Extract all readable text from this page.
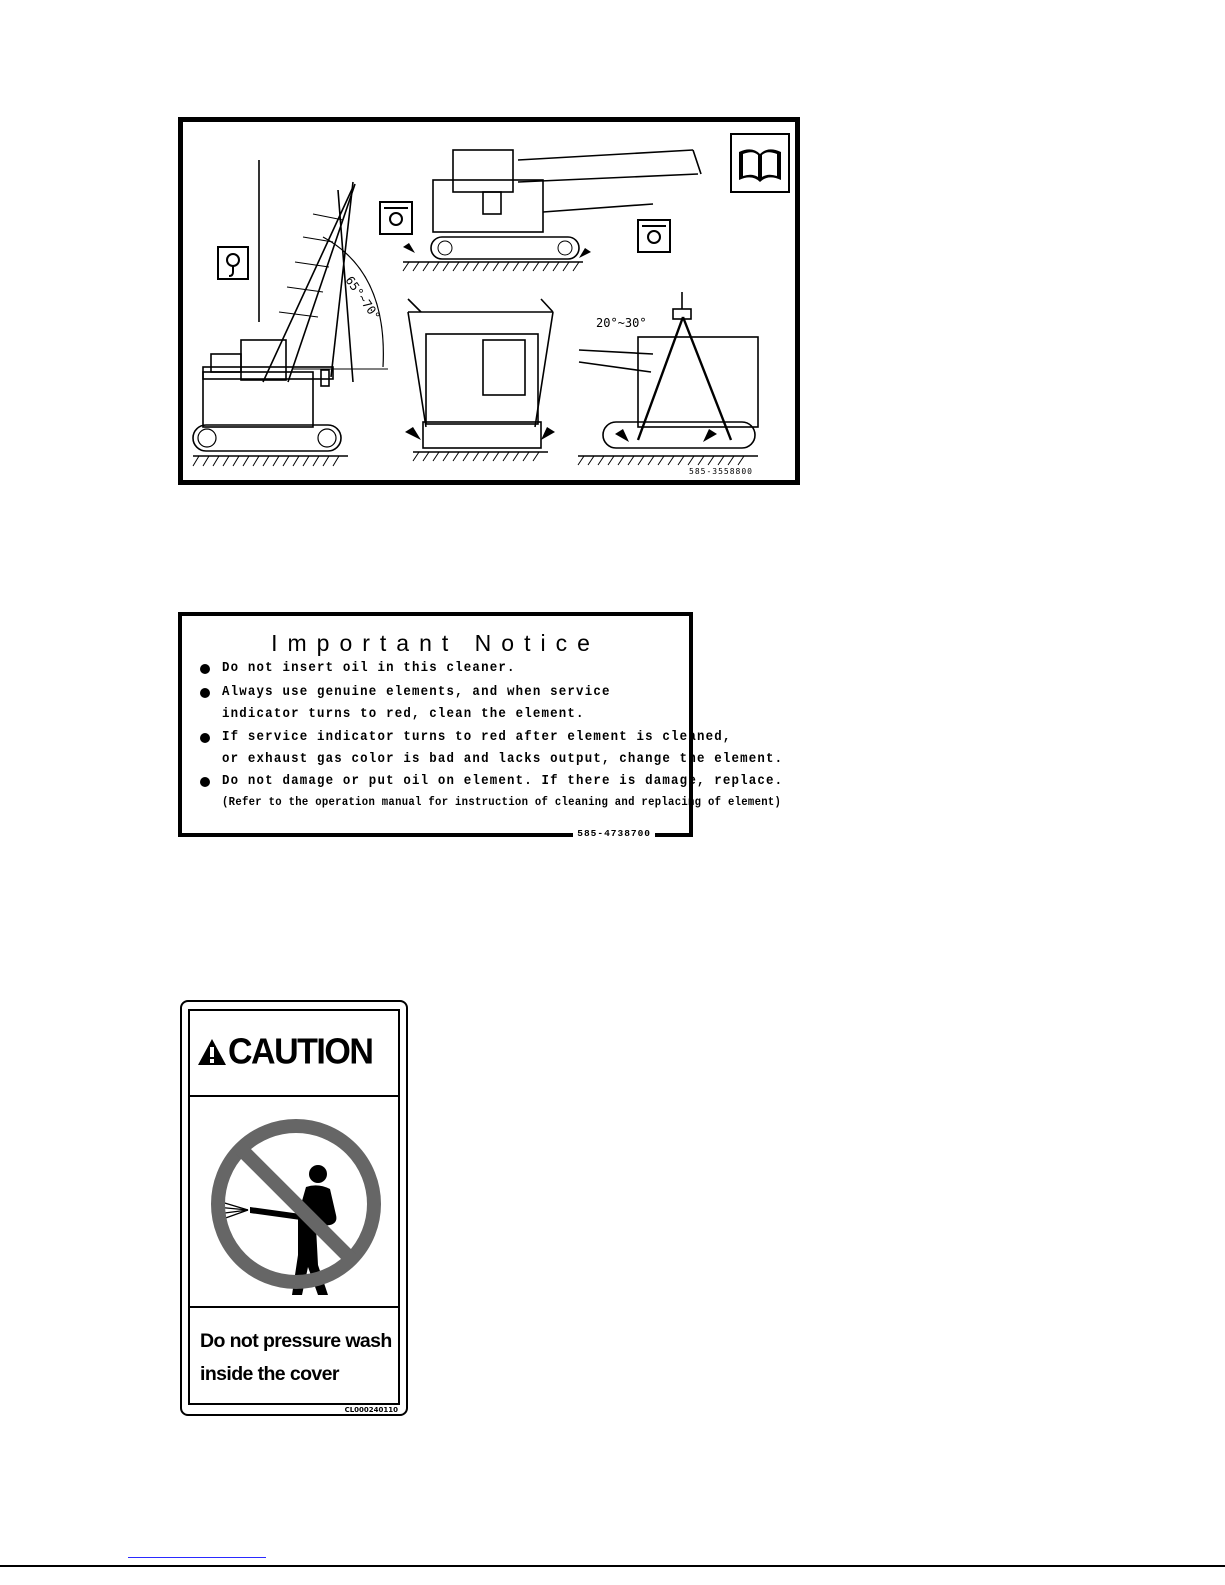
65°~70°	20°~30°
585-3558800
Important Notice
Do not insert oil in this cleaner.
Always use genuine elements, and when service
indicator turns to red, clean the element.
If service indicator turns to red after element is cleaned,
or exhaust gas color is bad and lacks output, change the element.
Do not damage or put oil on element. If there is damage, replace.
(Refer to the operation manual for instruction of cleaning and replacing of element)
585-4738700
CAUTION
Do not pressure wash
inside the cover
CL000240110
